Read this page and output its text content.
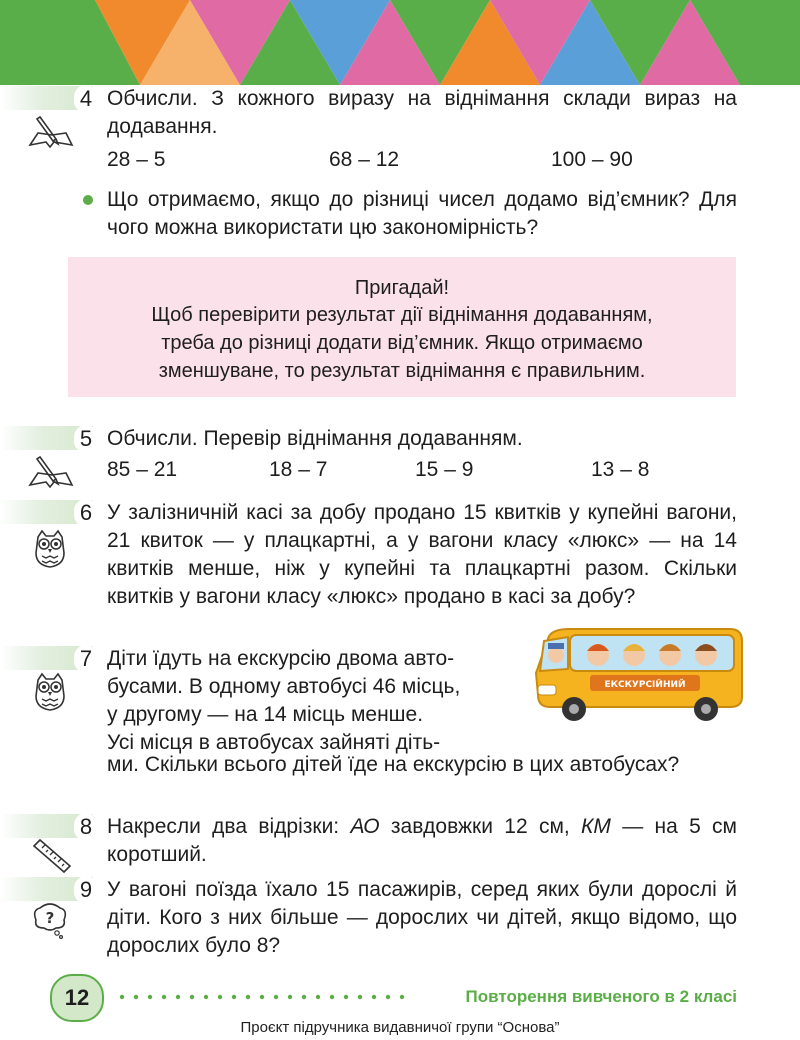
4 Обчисли. З кожного виразу на віднімання склади вираз на додавання.
28 – 5	68 – 12	100 – 90
Що отримаємо, якщо до різниці чисел додамо від’ємник? Для чого можна використати цю закономірність?
Пригадай!
Щоб перевірити результат дії віднімання додаванням,
треба до різниці додати від’ємник. Якщо отримаємо
зменшуване, то результат віднімання є правильним.
5 Обчисли. Перевір віднімання додаванням.
85 – 21	18 – 7	15 – 9	13 – 8
6 У залізничній касі за добу продано 15 квитків у купейні вагони, 21 квиток — у плацкартні, а у вагони класу «люкс» — на 14 квитків менше, ніж у купейні та плацкартні разом. Скільки квитків у вагони класу «люкс» продано в касі за добу?
7 Діти їдуть на екскурсію двома авто-
бусами. В одному автобусі 46 місць,
у другому — на 14 місць менше.
Усі місця в автобусах зайняті діть-
ми. Скільки всього дітей їде на екскурсію в цих автобусах?
ЕКСКУРСІЙНИЙ
8 Накресли два відрізки: АО завдовжки 12 см, КМ — на 5 см коротший.
9
?
У вагоні поїзда їхало 15 пасажирів, серед яких були дорослі й діти. Кого з них більше — дорослих чи дітей, якщо відомо, що дорослих було 8?
12	Повторення вивченого в 2 класі
Проєкт підручника видавничої групи “Основа”
